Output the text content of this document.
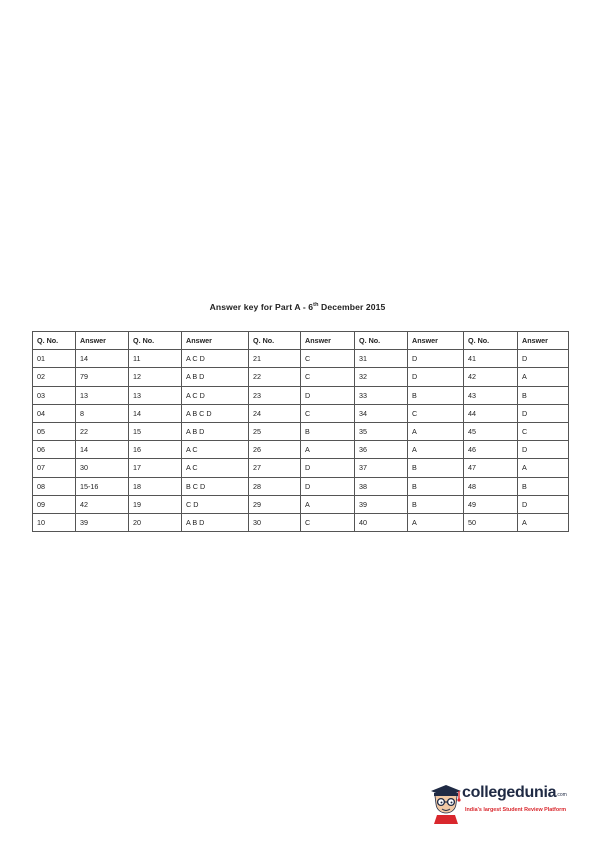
Answer key for Part A - 6th December 2015
Q. No.	Answer	Q. No.	Answer	Q. No.	Answer	Q. No.	Answer	Q. No.	Answer
01	14	11	A C D	21	C	31	D	41	D
02	79	12	A B D	22	C	32	D	42	A
03	13	13	A C D	23	D	33	B	43	B
04	8	14	A B C D	24	C	34	C	44	D
05	22	15	A B D	25	B	35	A	45	C
06	14	16	A C	26	A	36	A	46	D
07	30	17	A C	27	D	37	B	47	A
08	15-16	18	B C D	28	D	38	B	48	B
09	42	19	C D	29	A	39	B	49	D
10	39	20	A B D	30	C	40	A	50	A
collegedunia .com
India's largest Student Review Platform
